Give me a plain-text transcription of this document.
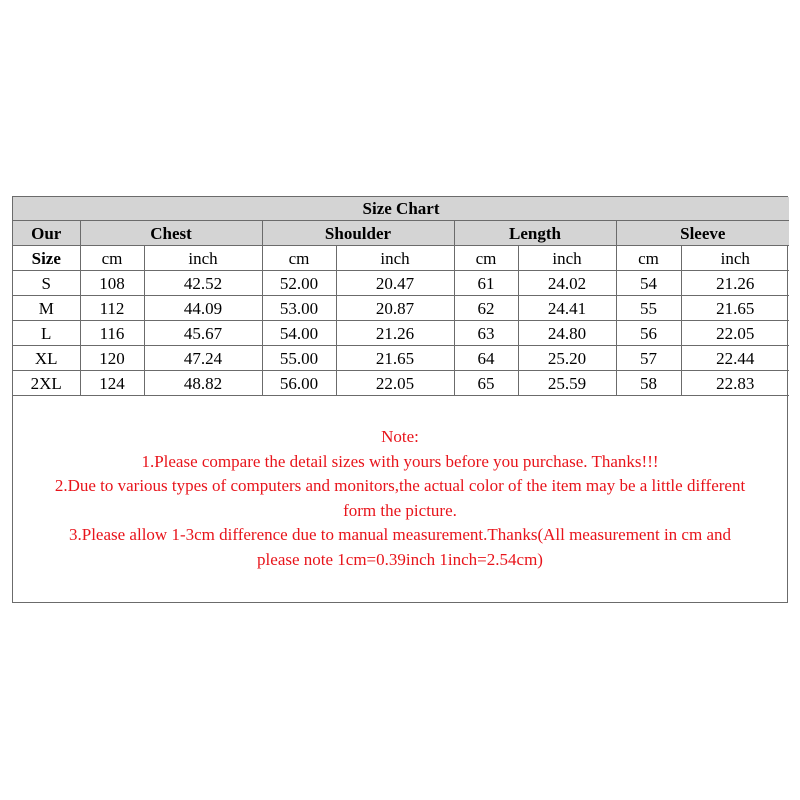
Size Chart								
Our	Chest		Shoulder		Length		Sleeve	
Size	cm	inch	cm	inch	cm	inch	cm	inch
S	108	42.52	52.00	20.47	61	24.02	54	21.26
M	112	44.09	53.00	20.87	62	24.41	55	21.65
L	116	45.67	54.00	21.26	63	24.80	56	22.05
XL	120	47.24	55.00	21.65	64	25.20	57	22.44
2XL	124	48.82	56.00	22.05	65	25.59	58	22.83
Note:
1.Please compare the detail sizes with yours before you purchase. Thanks!!!
2.Due to various types of computers and monitors,the actual color of the item may be a little different
form the picture.
3.Please allow 1-3cm difference due to manual measurement.Thanks(All measurement in cm and
please note 1cm=0.39inch 1inch=2.54cm)
